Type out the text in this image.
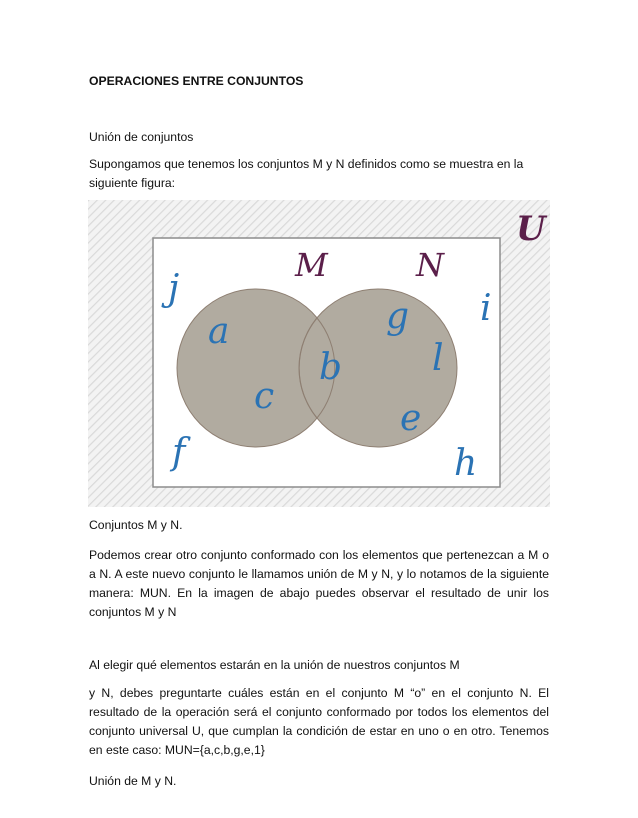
OPERACIONES ENTRE CONJUNTOS

Unión de conjuntos

Supongamos que tenemos los conjuntos M y N definidos como se muestra en la siguiente figura:

U
M	N
j
a
c
f
b
g
l
e
i
h

Conjuntos M y N.

Podemos crear otro conjunto conformado con los elementos que pertenezcan a M o a N. A este nuevo conjunto le llamamos unión de M y N, y lo notamos de la siguiente manera: MUN. En la imagen de abajo puedes observar el resultado de unir los conjuntos M y N

Al elegir qué elementos estarán en la unión de nuestros conjuntos M

y N, debes preguntarte cuáles están en el conjunto M “o” en el conjunto N. El resultado de la operación será el conjunto conformado por todos los elementos del conjunto universal U, que cumplan la condición de estar en uno o en otro. Tenemos en este caso: MUN={a,c,b,g,e,1}

Unión de M y N.
